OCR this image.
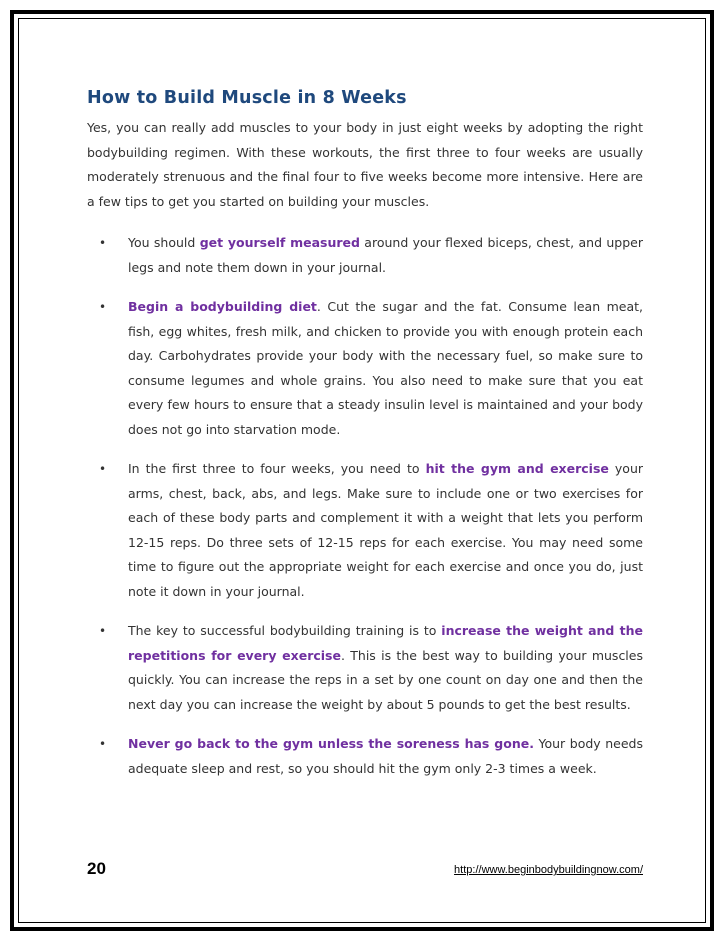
How to Build Muscle in 8 Weeks

Yes, you can really add muscles to your body in just eight weeks by adopting the right bodybuilding regimen. With these workouts, the first three to four weeks are usually moderately strenuous and the final four to five weeks become more intensive. Here are a few tips to get you started on building your muscles.

• You should get yourself measured around your flexed biceps, chest, and upper legs and note them down in your journal.
• Begin a bodybuilding diet. Cut the sugar and the fat. Consume lean meat, fish, egg whites, fresh milk, and chicken to provide you with enough protein each day. Carbohydrates provide your body with the necessary fuel, so make sure to consume legumes and whole grains. You also need to make sure that you eat every few hours to ensure that a steady insulin level is maintained and your body does not go into starvation mode.
• In the first three to four weeks, you need to hit the gym and exercise your arms, chest, back, abs, and legs. Make sure to include one or two exercises for each of these body parts and complement it with a weight that lets you perform 12-15 reps. Do three sets of 12-15 reps for each exercise. You may need some time to figure out the appropriate weight for each exercise and once you do, just note it down in your journal.
• The key to successful bodybuilding training is to increase the weight and the repetitions for every exercise. This is the best way to building your muscles quickly. You can increase the reps in a set by one count on day one and then the next day you can increase the weight by about 5 pounds to get the best results.
• Never go back to the gym unless the soreness has gone. Your body needs adequate sleep and rest, so you should hit the gym only 2-3 times a week.
20	http://www.beginbodybuildingnow.com/
